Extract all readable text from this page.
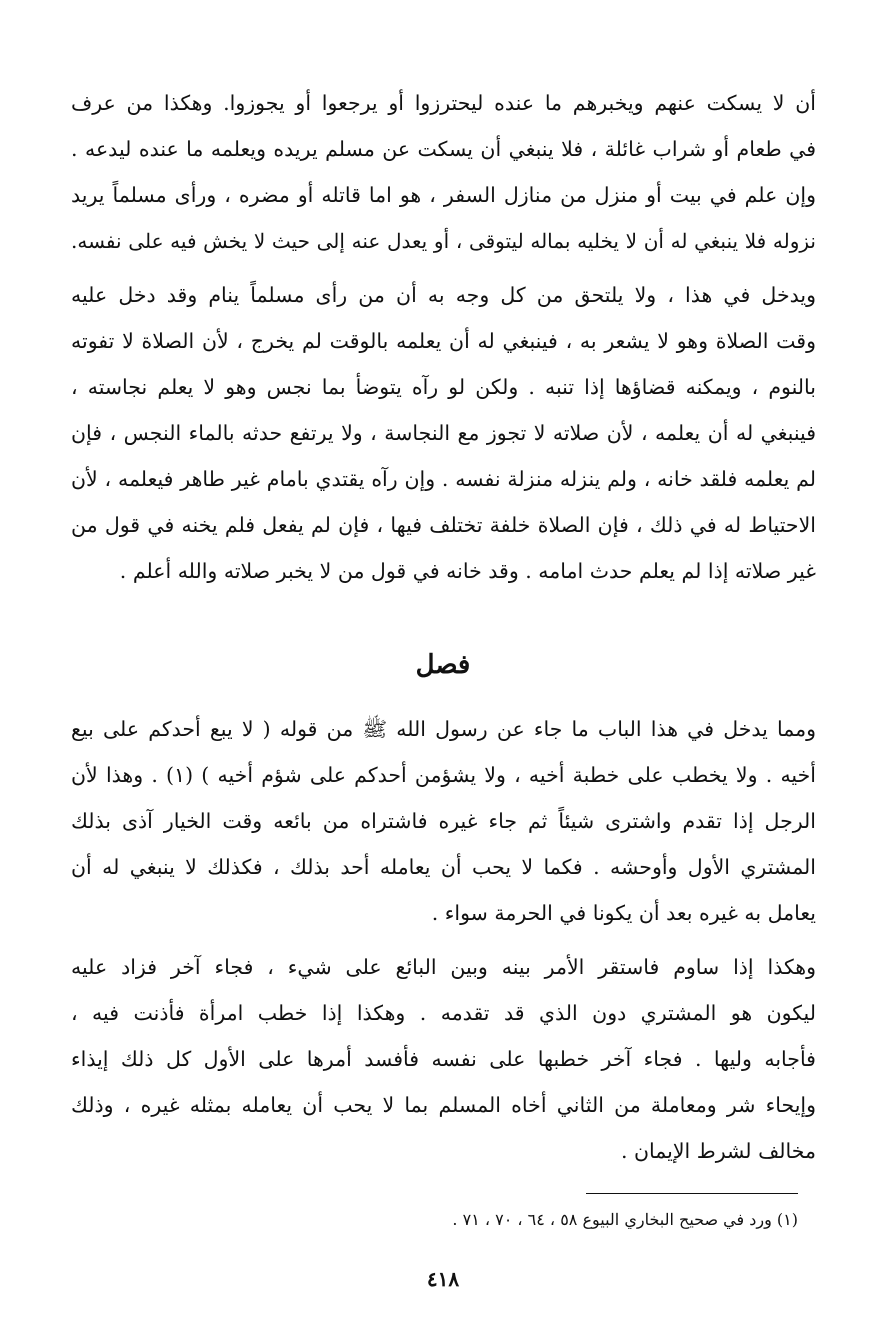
أن لا يسكت عنهم ويخبرهم ما عنده ليحترزوا أو يرجعوا أو يجوزوا. وهكذا من عرف
في طعام أو شراب غائلة ، فلا ينبغي أن يسكت عن مسلم يريده ويعلمه ما عنده ليدعه .
وإن علم في بيت أو منزل من منازل السفر ، هو اما قاتله أو مضره ، ورأى مسلماً يريد
نزوله فلا ينبغي له أن لا يخليه بماله ليتوقى ، أو يعدل عنه إلى حيث لا يخش فيه على نفسه.
ويدخل في هذا ، ولا يلتحق من كل وجه به أن من رأى مسلماً ينام وقد دخل عليه
وقت الصلاة وهو لا يشعر به ، فينبغي له أن يعلمه بالوقت لم يخرج ، لأن الصلاة لا تفوته
بالنوم ، ويمكنه قضاؤها إذا تنبه . ولكن لو رآه يتوضأ بما نجس وهو لا يعلم نجاسته ،
فينبغي له أن يعلمه ، لأن صلاته لا تجوز مع النجاسة ، ولا يرتفع حدثه بالماء النجس ، فإن
لم يعلمه فلقد خانه ، ولم ينزله منزلة نفسه . وإن رآه يقتدي بامام غير طاهر فيعلمه ، لأن
الاحتياط له في ذلك ، فإن الصلاة خلفة تختلف فيها ، فإن لم يفعل فلم يخنه في قول من
غير صلاته إذا لم يعلم حدث امامه . وقد خانه في قول من لا يخبر صلاته والله أعلم .
فصل
ومما يدخل في هذا الباب ما جاء عن رسول الله ﷺ من قوله ( لا يبع أحدكم على بيع
أخيه . ولا يخطب على خطبة أخيه ، ولا يشؤمن أحدكم على شؤم أخيه ) (١) . وهذا لأن
الرجل إذا تقدم واشترى شيئاً ثم جاء غيره فاشتراه من بائعه وقت الخيار آذى بذلك
المشتري الأول وأوحشه . فكما لا يحب أن يعامله أحد بذلك ، فكذلك لا ينبغي له أن
يعامل به غيره بعد أن يكونا في الحرمة سواء .
وهكذا إذا ساوم فاستقر الأمر بينه وبين البائع على شيء ، فجاء آخر فزاد عليه
ليكون هو المشتري دون الذي قد تقدمه . وهكذا إذا خطب امرأة فأذنت فيه ،
فأجابه وليها . فجاء آخر خطبها على نفسه فأفسد أمرها على الأول كل ذلك إيذاء
وإيحاء شر ومعاملة من الثاني أخاه المسلم بما لا يحب أن يعامله بمثله غيره ، وذلك
مخالف لشرط الإيمان .
(١) ورد في صحيح البخاري البيوع ٥٨ ، ٦٤ ، ٧٠ ، ٧١ .
٤١٨
